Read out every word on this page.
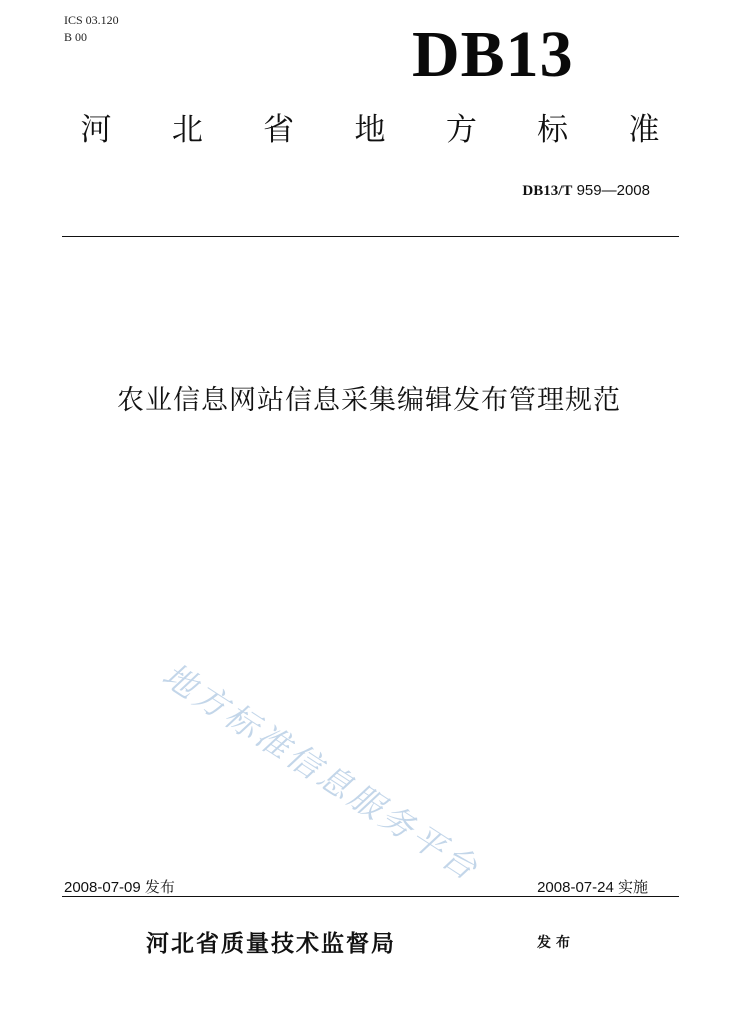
ICS 03.120
B 00	DB13
河	北	省	地	方	标	准
DB13/T 959—2008
农业信息网站信息采集编辑发布管理规范
地方标准信息服务平台
2008-07-09 发布	2008-07-24 实施
河北省质量技术监督局	发布
